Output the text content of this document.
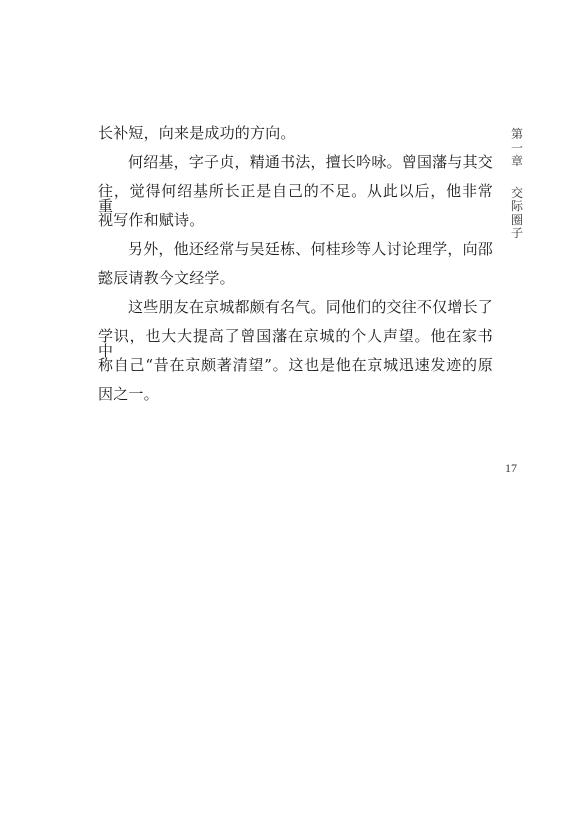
长补短，向来是成功的方向。
何绍基，字子贞，精通书法，擅长吟咏。曾国藩与其交
往，觉得何绍基所长正是自己的不足。从此以后，他非常重
视写作和赋诗。
另外，他还经常与吴廷栋、何桂珍等人讨论理学，向邵
懿辰请教今文经学。
这些朋友在京城都颇有名气。同他们的交往不仅增长了
学识，也大大提高了曾国藩在京城的个人声望。他在家书中
称自己“昔在京颇著清望”。这也是他在京城迅速发迹的原
因之一。
第
一
章
交
际
圈
子
17
